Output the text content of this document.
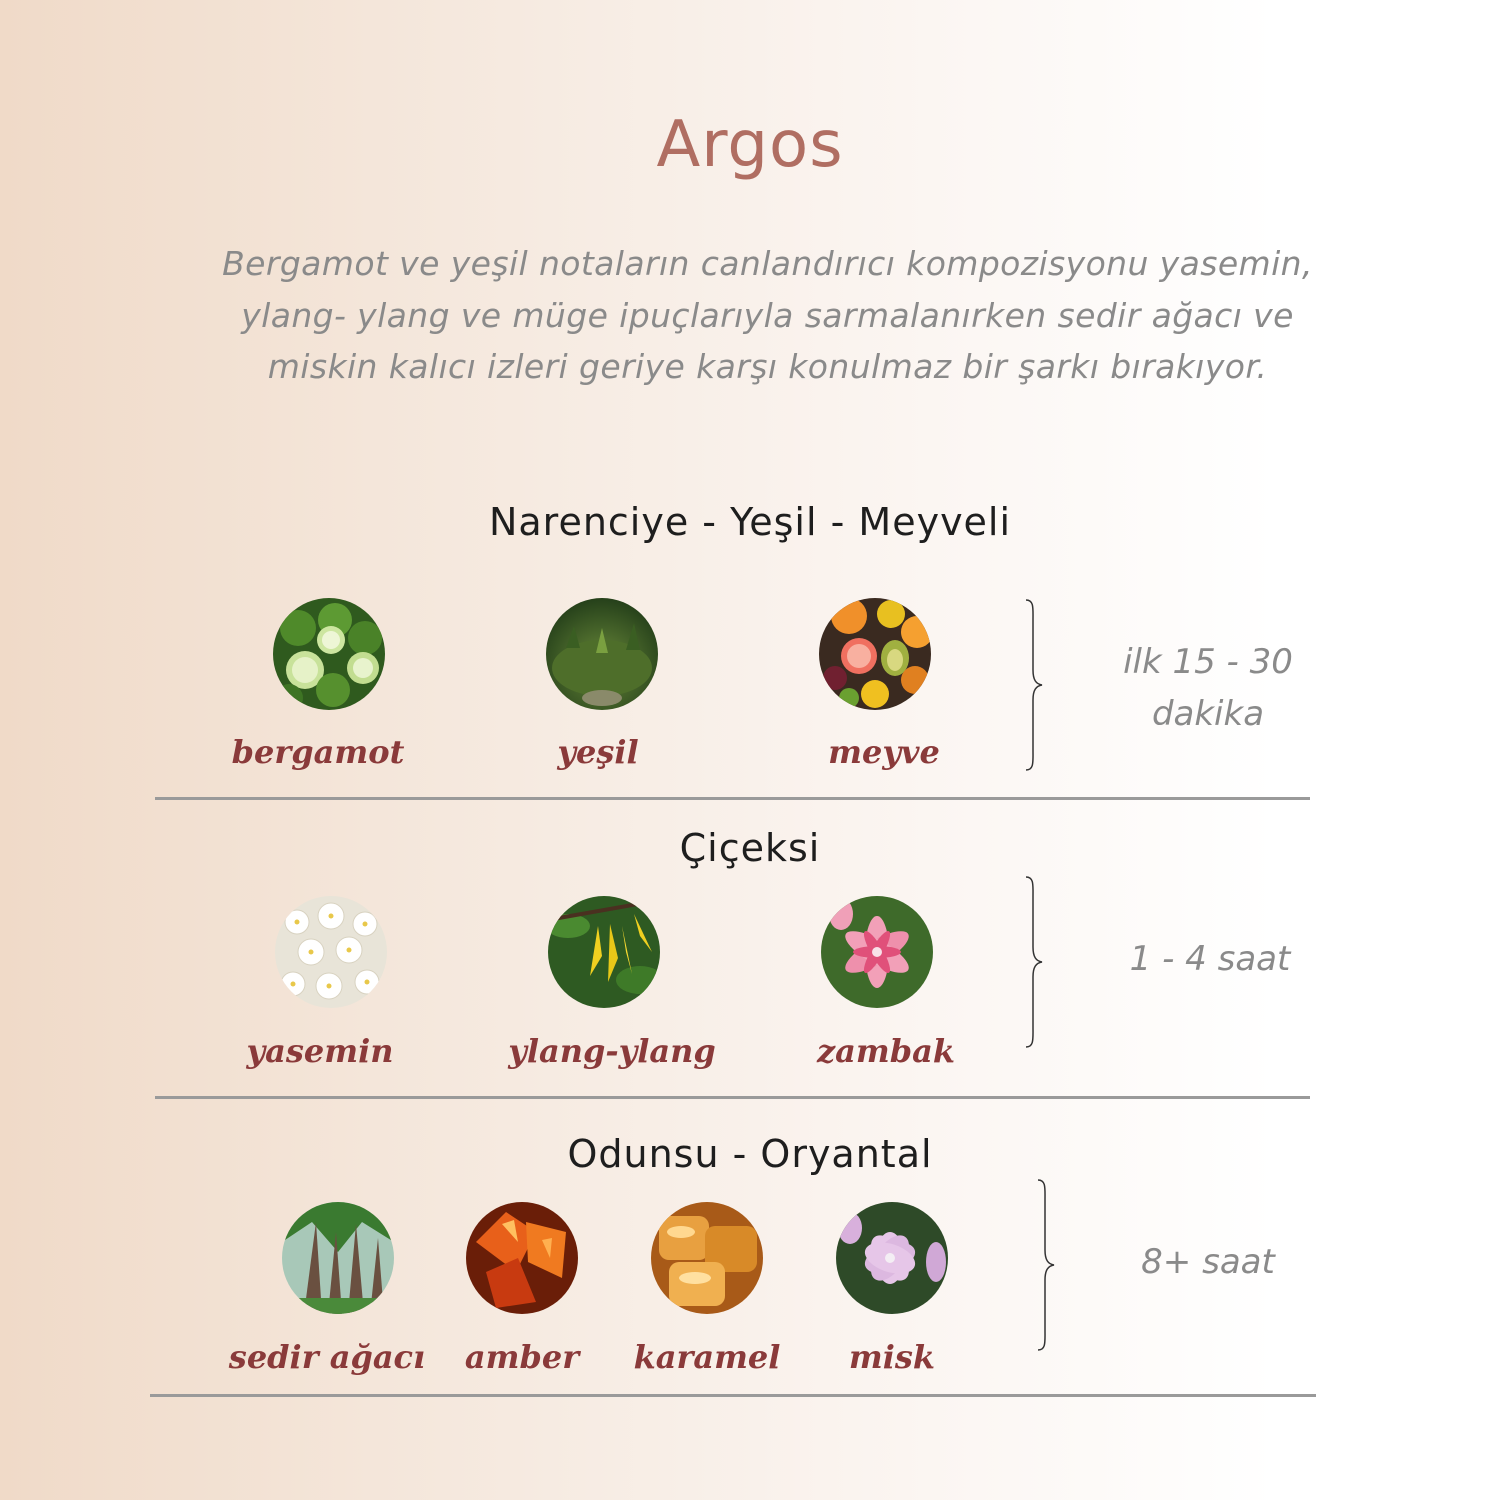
Argos
Bergamot ve yeşil notaların canlandırıcı kompozisyonu yasemin, ylang- ylang ve müge ipuçlarıyla sarmalanırken sedir ağacı ve miskin kalıcı izleri geriye karşı konulmaz bir şarkı bırakıyor.
Narenciye - Yeşil - Meyveli
bergamot	yeşil	meyve
ilk 15 - 30
dakika
Çiçeksi
yasemin	ylang-ylang	zambak
1 - 4 saat
Odunsu - Oryantal
sedir ağacı	amber	karamel	misk
8+ saat
